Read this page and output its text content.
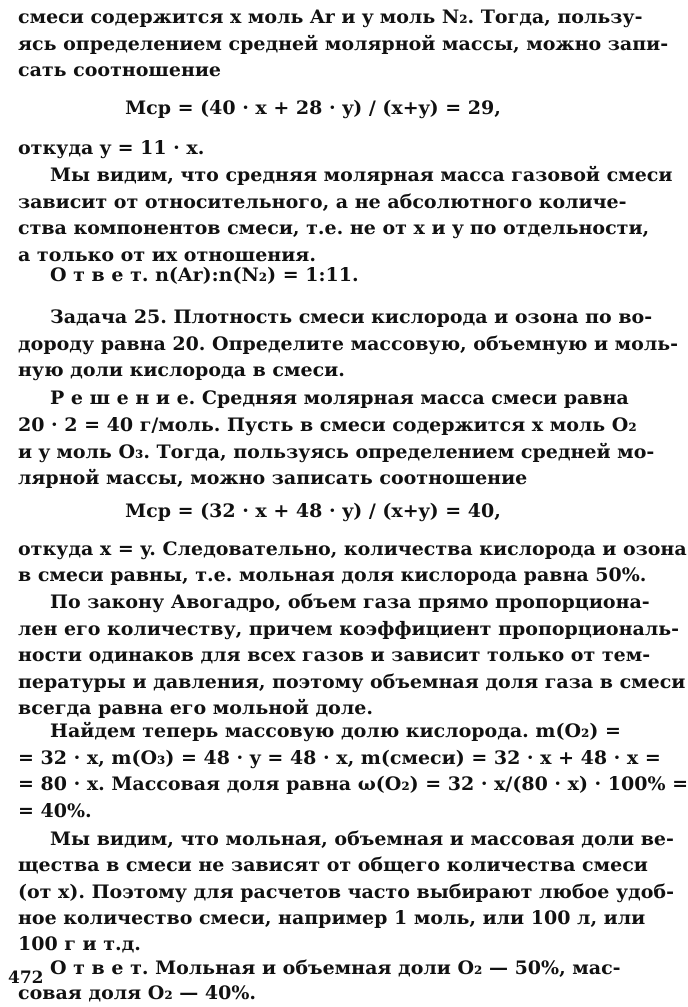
смеси содержится x моль Ar и y моль N₂. Тогда, пользу-
ясь определением средней молярной массы, можно запи-
сать соотношение
Mср = (40 · x + 28 · y) / (x+y) = 29,
откуда y = 11 · x.
Мы видим, что средняя молярная масса газовой смеси
зависит от относительного, а не абсолютного количе-
ства компонентов смеси, т.е. не от x и y по отдельности,
а только от их отношения.
О т в е т. n(Ar):n(N₂) = 1:11.
Задача 25. Плотность смеси кислорода и озона по во-
дороду равна 20. Определите массовую, объемную и моль-
ную доли кислорода в смеси.
Р е ш е н и е. Средняя молярная масса смеси равна
20 · 2 = 40 г/моль. Пусть в смеси содержится x моль O₂
и y моль O₃. Тогда, пользуясь определением средней мо-
лярной массы, можно записать соотношение
Mср = (32 · x + 48 · y) / (x+y) = 40,
откуда x = y. Следовательно, количества кислорода и озона
в смеси равны, т.е. мольная доля кислорода равна 50%.
По закону Авогадро, объем газа прямо пропорциона-
лен его количеству, причем коэффициент пропорциональ-
ности одинаков для всех газов и зависит только от тем-
пературы и давления, поэтому объемная доля газа в смеси
всегда равна его мольной доле.
Найдем теперь массовую долю кислорода. m(O₂) =
= 32 · x, m(O₃) = 48 · y = 48 · x, m(смеси) = 32 · x + 48 · x =
= 80 · x. Массовая доля равна ω(O₂) = 32 · x/(80 · x) · 100% =
= 40%.
Мы видим, что мольная, объемная и массовая доли ве-
щества в смеси не зависят от общего количества смеси
(от x). Поэтому для расчетов часто выбирают любое удоб-
ное количество смеси, например 1 моль, или 100 л, или
100 г и т.д.
О т в е т. Мольная и объемная доли O₂ — 50%, мас-
совая доля O₂ — 40%.
472
